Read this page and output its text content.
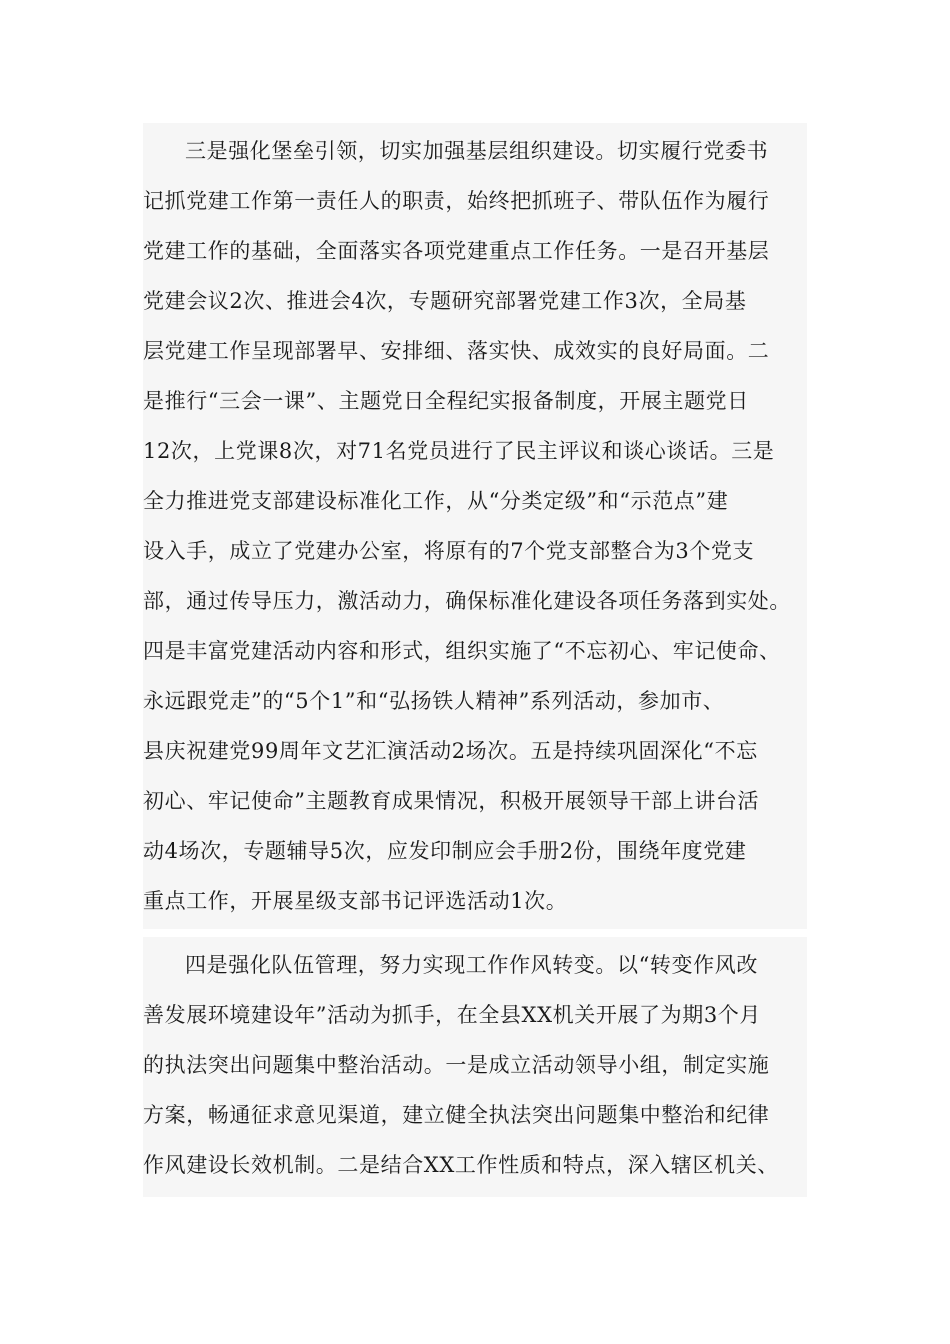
三是强化堡垒引领，切实加强基层组织建设。切实履行党委书
记抓党建工作第一责任人的职责，始终把抓班子、带队伍作为履行
党建工作的基础，全面落实各项党建重点工作任务。一是召开基层
党建会议2次、推进会4次，专题研究部署党建工作3次，全局基
层党建工作呈现部署早、安排细、落实快、成效实的良好局面。二
是推行“三会一课”、主题党日全程纪实报备制度，开展主题党日
12次，上党课8次，对71名党员进行了民主评议和谈心谈话。三是
全力推进党支部建设标准化工作，从“分类定级”和“示范点”建
设入手，成立了党建办公室，将原有的7个党支部整合为3个党支
部，通过传导压力，激活动力，确保标准化建设各项任务落到实处。
四是丰富党建活动内容和形式，组织实施了“不忘初心、牢记使命、
永远跟党走”的“5个1”和“弘扬铁人精神”系列活动，参加市、
县庆祝建党99周年文艺汇演活动2场次。五是持续巩固深化“不忘
初心、牢记使命”主题教育成果情况，积极开展领导干部上讲台活
动4场次，专题辅导5次，应发印制应会手册2份，围绕年度党建
重点工作，开展星级支部书记评选活动1次。
四是强化队伍管理，努力实现工作作风转变。以“转变作风改
善发展环境建设年”活动为抓手，在全县XX机关开展了为期3个月
的执法突出问题集中整治活动。一是成立活动领导小组，制定实施
方案，畅通征求意见渠道，建立健全执法突出问题集中整治和纪律
作风建设长效机制。二是结合XX工作性质和特点，深入辖区机关、
